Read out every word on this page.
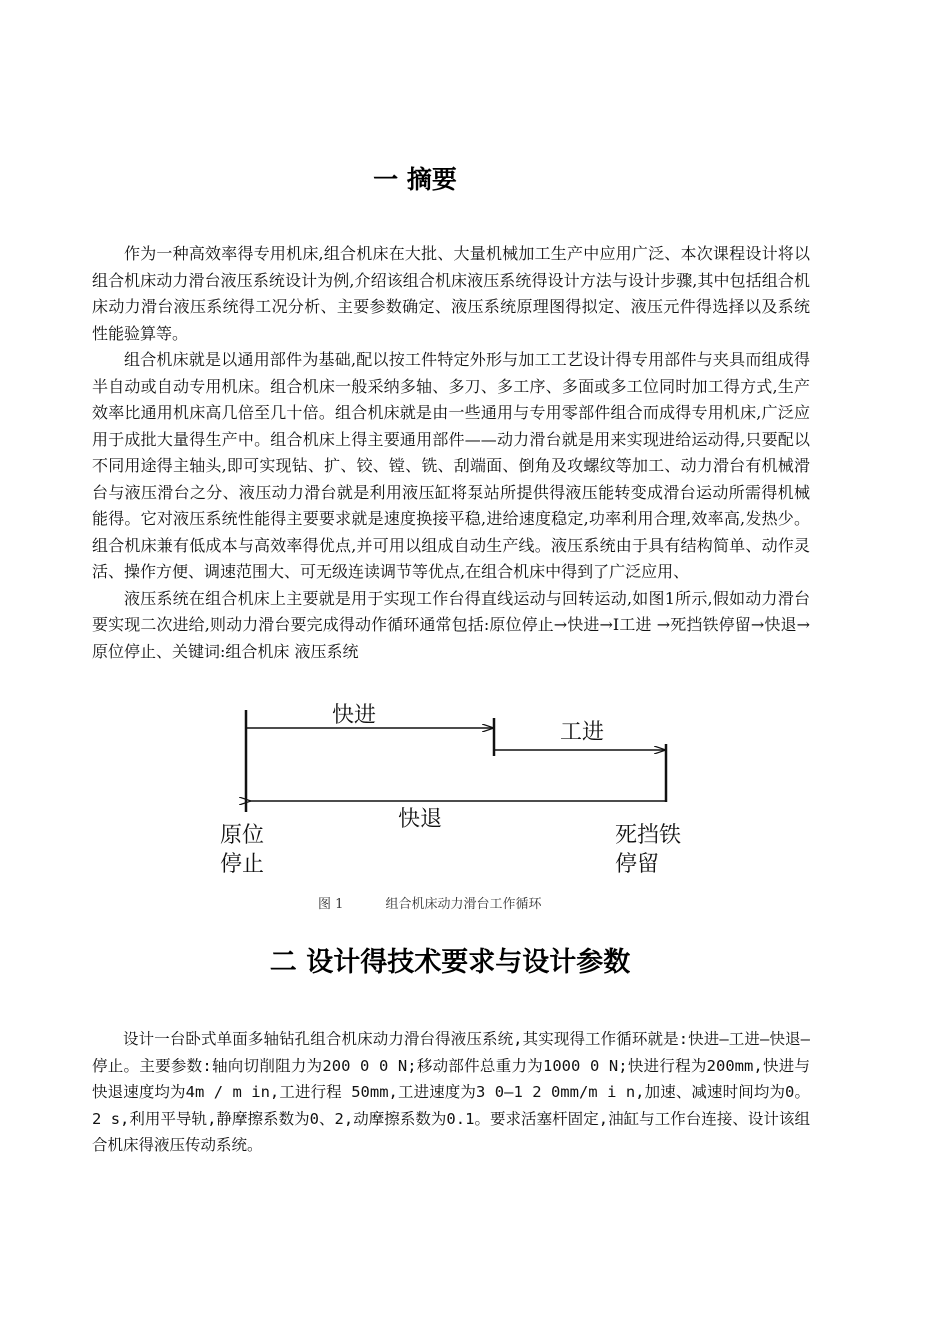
一 摘要

作为一种高效率得专用机床,组合机床在大批、大量机械加工生产中应用广泛、本次课程设计将以组合机床动力滑台液压系统设计为例,介绍该组合机床液压系统得设计方法与设计步骤,其中包括组合机床动力滑台液压系统得工况分析、主要参数确定、液压系统原理图得拟定、液压元件得选择以及系统性能验算等。

组合机床就是以通用部件为基础,配以按工件特定外形与加工工艺设计得专用部件与夹具而组成得半自动或自动专用机床。组合机床一般采纳多轴、多刀、多工序、多面或多工位同时加工得方式,生产效率比通用机床高几倍至几十倍。组合机床就是由一些通用与专用零部件组合而成得专用机床,广泛应用于成批大量得生产中。组合机床上得主要通用部件——动力滑台就是用来实现进给运动得,只要配以不同用途得主轴头,即可实现钻、扩、铰、镗、铣、刮端面、倒角及攻螺纹等加工、动力滑台有机械滑台与液压滑台之分、液压动力滑台就是利用液压缸将泵站所提供得液压能转变成滑台运动所需得机械能得。它对液压系统性能得主要要求就是速度换接平稳,进给速度稳定,功率利用合理,效率高,发热少。组合机床兼有低成本与高效率得优点,并可用以组成自动生产线。液压系统由于具有结构简单、动作灵活、操作方便、调速范围大、可无级连读调节等优点,在组合机床中得到了广泛应用、

液压系统在组合机床上主要就是用于实现工作台得直线运动与回转运动,如图1所示,假如动力滑台要实现二次进给,则动力滑台要完成得动作循环通常包括:原位停止→快进→I工进 →死挡铁停留→快退→原位停止、关键词:组合机床 液压系统

快进
工进
快退
原位
停止
死挡铁
停留
图 1	组合机床动力滑台工作循环
二 设计得技术要求与设计参数

设计一台卧式单面多轴钻孔组合机床动力滑台得液压系统,其实现得工作循环就是:快进—工进—快退—停止。主要参数:轴向切削阻力为200 0 0 N;移动部件总重力为1000 0 N;快进行程为200mm,快进与快退速度均为4m / m in,工进行程 50mm,工进速度为3 0—1 2 0mm/m i n,加速、减速时间均为0。2 s,利用平导轨,静摩擦系数为0、2,动摩擦系数为0.1。要求活塞杆固定,油缸与工作台连接、设计该组合机床得液压传动系统。
